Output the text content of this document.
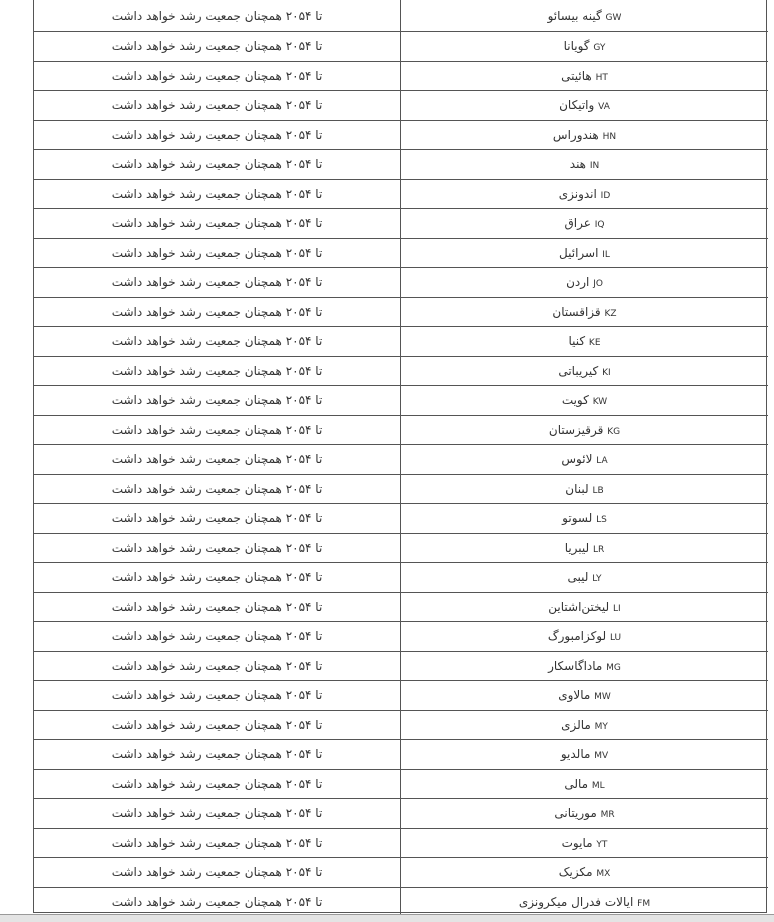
تا ۲۰۵۴ همچنان جمعیت رشد خواهد داشت	GW گینه بیسائو
تا ۲۰۵۴ همچنان جمعیت رشد خواهد داشت	GY گویانا
تا ۲۰۵۴ همچنان جمعیت رشد خواهد داشت	HT هائیتی
تا ۲۰۵۴ همچنان جمعیت رشد خواهد داشت	VA واتیکان
تا ۲۰۵۴ همچنان جمعیت رشد خواهد داشت	HN هندوراس
تا ۲۰۵۴ همچنان جمعیت رشد خواهد داشت	IN هند
تا ۲۰۵۴ همچنان جمعیت رشد خواهد داشت	ID اندونزی
تا ۲۰۵۴ همچنان جمعیت رشد خواهد داشت	IQ عراق
تا ۲۰۵۴ همچنان جمعیت رشد خواهد داشت	IL اسرائیل
تا ۲۰۵۴ همچنان جمعیت رشد خواهد داشت	JO اردن
تا ۲۰۵۴ همچنان جمعیت رشد خواهد داشت	KZ قزاقستان
تا ۲۰۵۴ همچنان جمعیت رشد خواهد داشت	KE کنیا
تا ۲۰۵۴ همچنان جمعیت رشد خواهد داشت	KI کیریباتی
تا ۲۰۵۴ همچنان جمعیت رشد خواهد داشت	KW کویت
تا ۲۰۵۴ همچنان جمعیت رشد خواهد داشت	KG قرقیزستان
تا ۲۰۵۴ همچنان جمعیت رشد خواهد داشت	LA لائوس
تا ۲۰۵۴ همچنان جمعیت رشد خواهد داشت	LB لبنان
تا ۲۰۵۴ همچنان جمعیت رشد خواهد داشت	LS لسوتو
تا ۲۰۵۴ همچنان جمعیت رشد خواهد داشت	LR لیبریا
تا ۲۰۵۴ همچنان جمعیت رشد خواهد داشت	LY لیبی
تا ۲۰۵۴ همچنان جمعیت رشد خواهد داشت	LI لیختن‌اشتاین
تا ۲۰۵۴ همچنان جمعیت رشد خواهد داشت	LU لوکزامبورگ
تا ۲۰۵۴ همچنان جمعیت رشد خواهد داشت	MG ماداگاسکار
تا ۲۰۵۴ همچنان جمعیت رشد خواهد داشت	MW مالاوی
تا ۲۰۵۴ همچنان جمعیت رشد خواهد داشت	MY مالزی
تا ۲۰۵۴ همچنان جمعیت رشد خواهد داشت	MV مالدیو
تا ۲۰۵۴ همچنان جمعیت رشد خواهد داشت	ML مالی
تا ۲۰۵۴ همچنان جمعیت رشد خواهد داشت	MR موریتانی
تا ۲۰۵۴ همچنان جمعیت رشد خواهد داشت	YT مایوت
تا ۲۰۵۴ همچنان جمعیت رشد خواهد داشت	MX مکزیک
تا ۲۰۵۴ همچنان جمعیت رشد خواهد داشت	FM ایالات فدرال میکرونزی
